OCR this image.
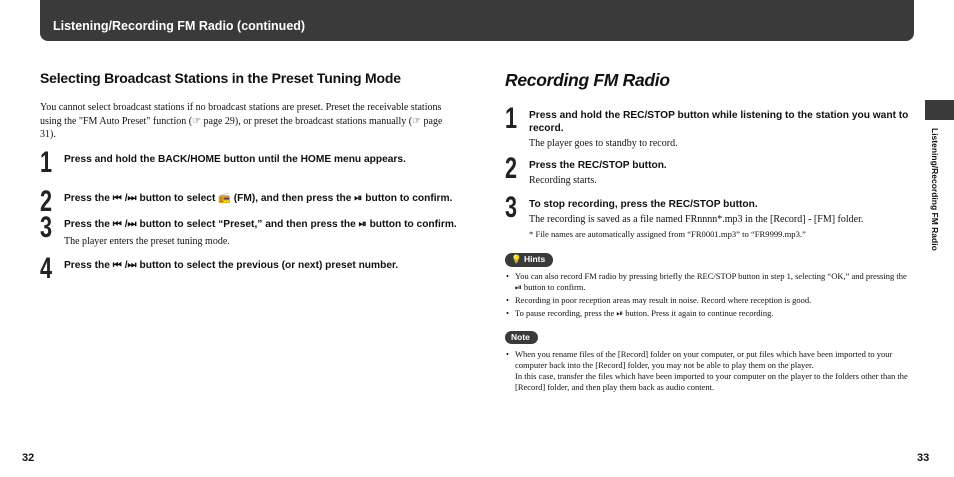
Listening/Recording FM Radio (continued)
Listening/Recording FM Radio
Selecting Broadcast Stations in the Preset Tuning Mode
You cannot select broadcast stations if no broadcast stations are preset. Preset the receivable stations using the "FM Auto Preset" function (☞ page 29), or preset the broadcast stations manually (☞ page 31).
1 Press and hold the BACK/HOME button until the HOME menu appears.
2 Press the ⏮ /⏭ button to select 📻 (FM), and then press the ⏯ button to confirm.
3 Press the ⏮ /⏭ button to select “Preset,” and then press the ⏯ button to confirm.
The player enters the preset tuning mode.
4 Press the ⏮ /⏭ button to select the previous (or next) preset number.
Recording FM Radio
1 Press and hold the REC/STOP button while listening to the station you want to record.
The player goes to standby to record.
2 Press the REC/STOP button.
Recording starts.
3 To stop recording, press the REC/STOP button.
The recording is saved as a file named FRnnnn*.mp3 in the [Record] - [FM] folder.
* File names are automatically assigned from “FR0001.mp3” to “FR9999.mp3.”
💡 Hints
• You can also record FM radio by pressing briefly the REC/STOP button in step 1, selecting “OK,” and pressing the ⏯ button to confirm.
• Recording in poor reception areas may result in noise. Record where reception is good.
• To pause recording, press the ⏯ button. Press it again to continue recording.
Note
• When you rename files of the [Record] folder on your computer, or put files which have been imported to your computer back into the [Record] folder, you may not be able to play them on the player.
In this case, transfer the files which have been imported to your computer on the player to the folders other than the [Record] folder, and then play them back as audio content.
32	33
